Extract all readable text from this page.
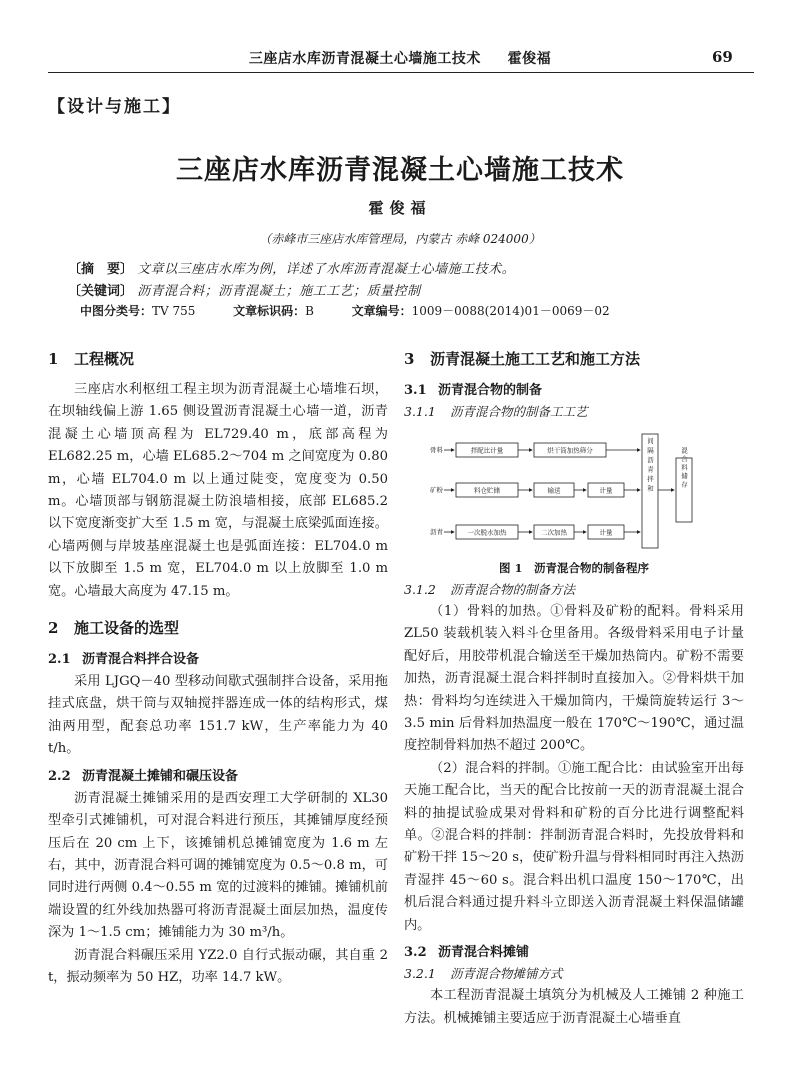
三座店水库沥青混凝土心墙施工技术 霍俊福	69
【设计与施工】
三座店水库沥青混凝土心墙施工技术
霍俊福
（赤峰市三座店水库管理局，内蒙古 赤峰 024000）
〔摘　要〕 文章以三座店水库为例，详述了水库沥青混凝土心墙施工技术。
〔关键词〕 沥青混合料；沥青混凝土；施工工艺；质量控制
中图分类号：TV 755	文章标识码：B	文章编号：1009－0088(2014)01－0069－02
1 工程概况

三座店水利枢纽工程主坝为沥青混凝土心墙堆石坝，在坝轴线偏上游 1.65 侧设置沥青混凝土心墙一道，沥青混凝土心墙顶高程为 EL729.40 m，底部高程为 EL682.25 m，心墙 EL685.2～704 m 之间宽度为 0.80 m，心墙 EL704.0 m 以上通过陡变，宽度变为 0.50 m。心墙顶部与钢筋混凝土防浪墙相接，底部 EL685.2 以下宽度渐变扩大至 1.5 m 宽，与混凝土底梁弧面连接。心墙两侧与岸坡基座混凝土也是弧面连接：EL704.0 m 以下放脚至 1.5 m 宽，EL704.0 m 以上放脚至 1.0 m 宽。心墙最大高度为 47.15 m。

2 施工设备的选型
2.1 沥青混合料拌合设备

采用 LJGQ－40 型移动间歇式强制拌合设备，采用拖挂式底盘，烘干筒与双轴搅拌器连成一体的结构形式，煤油两用型，配套总功率 151.7 kW，生产率能力为 40 t/h。

2.2 沥青混凝土摊铺和碾压设备

沥青混凝土摊铺采用的是西安理工大学研制的 XL30 型牵引式摊铺机，可对混合料进行预压，其摊铺厚度经预压后在 20 cm 上下，该摊铺机总摊铺宽度为 1.6 m 左右，其中，沥青混合料可调的摊铺宽度为 0.5～0.8 m，可同时进行两侧 0.4～0.55 m 宽的过渡料的摊铺。摊铺机前端设置的红外线加热器可将沥青混凝土面层加热，温度传深为 1～1.5 cm；摊铺能力为 30 m³/h。

沥青混合料碾压采用 YZ2.0 自行式振动碾，其自重 2 t，振动频率为 50 HZ，功率 14.7 kW。

3 沥青混凝土施工工艺和施工方法
3.1 沥青混合物的制备
3.1.1 沥青混合物的制备工工艺
骨料
矿粉
沥青
拌配比计量	烘干筒加热筛分
料仓贮储	输送	计量
一次脱水加热	二次加热	计量
间隔沥青拌和	混合料储存
图 1　沥青混合物的制备程序
3.1.2 沥青混合物的制备方法

（1）骨料的加热。①骨料及矿粉的配料。骨料采用 ZL50 装载机装入料斗仓里备用。各级骨料采用电子计量配好后，用胶带机混合输送至干燥加热筒内。矿粉不需要加热，沥青混凝土混合料拌制时直接加入。②骨料烘干加热：骨料均匀连续进入干燥加筒内，干燥筒旋转运行 3～3.5 min 后骨料加热温度一般在 170℃～190℃，通过温度控制骨料加热不超过 200℃。

（2）混合料的拌制。①施工配合比：由试验室开出每天施工配合比，当天的配合比按前一天的沥青混凝土混合料的抽提试验成果对骨料和矿粉的百分比进行调整配料单。②混合料的拌制：拌制沥青混合料时，先投放骨料和矿粉干拌 15～20 s，使矿粉升温与骨料相同时再注入热沥青湿拌 45～60 s。混合料出机口温度 150～170℃，出机后混合料通过提升料斗立即送入沥青混凝土料保温储罐内。

3.2 沥青混合料摊铺
3.2.1 沥青混合物摊铺方式

本工程沥青混凝土填筑分为机械及人工摊铺 2 种施工方法。机械摊铺主要适应于沥青混凝土心墙垂直
